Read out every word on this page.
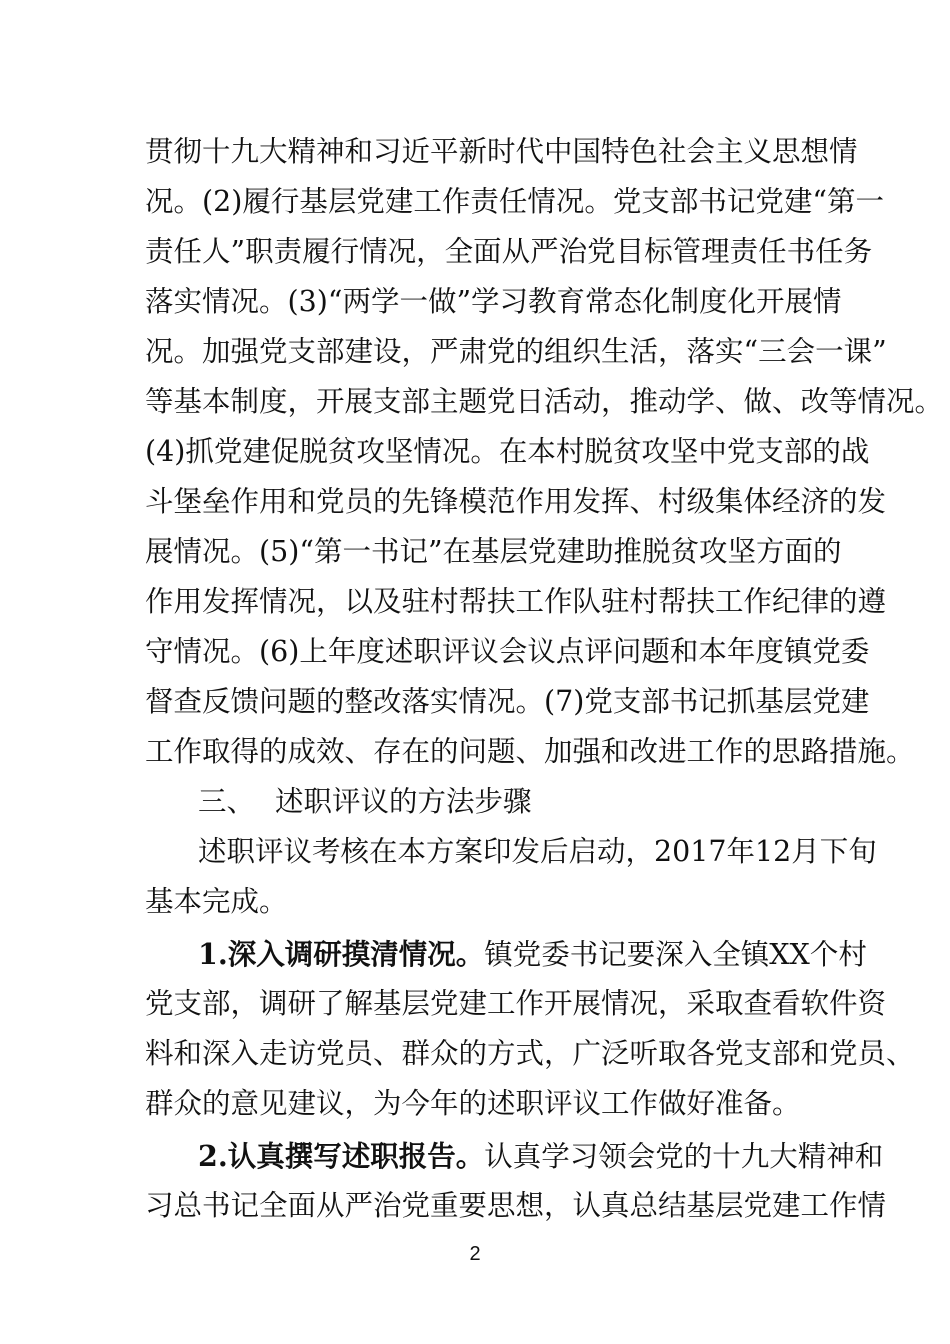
贯彻十九大精神和习近平新时代中国特色社会主义思想情
况。(2)履行基层党建工作责任情况。党支部书记党建“第一
责任人”职责履行情况，全面从严治党目标管理责任书任务
落实情况。(3)“两学一做”学习教育常态化制度化开展情
况。加强党支部建设，严肃党的组织生活，落实“三会一课”
等基本制度，开展支部主题党日活动，推动学、做、改等情况。
(4)抓党建促脱贫攻坚情况。在本村脱贫攻坚中党支部的战
斗堡垒作用和党员的先锋模范作用发挥、村级集体经济的发
展情况。(5)“第一书记”在基层党建助推脱贫攻坚方面的
作用发挥情况，以及驻村帮扶工作队驻村帮扶工作纪律的遵
守情况。(6)上年度述职评议会议点评问题和本年度镇党委
督查反馈问题的整改落实情况。(7)党支部书记抓基层党建
工作取得的成效、存在的问题、加强和改进工作的思路措施。
三、 述职评议的方法步骤
述职评议考核在本方案印发后启动，2017年12月下旬
基本完成。
1.深入调研摸清情况。镇党委书记要深入全镇XX个村
党支部，调研了解基层党建工作开展情况，采取查看软件资
料和深入走访党员、群众的方式，广泛听取各党支部和党员、
群众的意见建议，为今年的述职评议工作做好准备。
2.认真撰写述职报告。认真学习领会党的十九大精神和
习总书记全面从严治党重要思想，认真总结基层党建工作情
2
